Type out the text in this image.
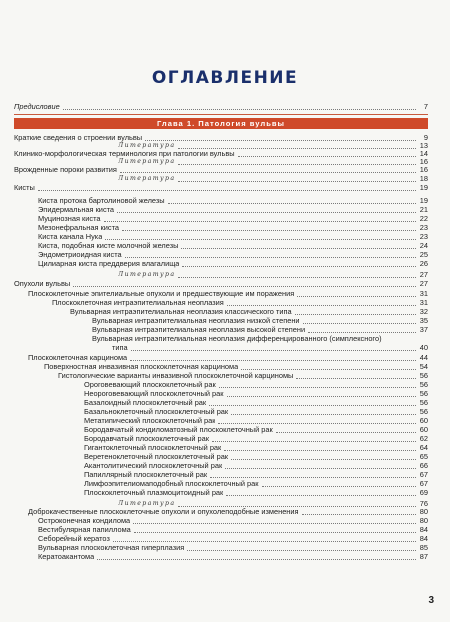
ОГЛАВЛЕНИЕ
Предисловие	7
Глава 1. Патология вульвы
Краткие сведения о строении вульвы	9
Литература	13
Клинико-морфологическая терминология при патологии вульвы	14
Литература	16
Врожденные пороки развития	16
Литература	18
Кисты	19
Киста протока бартолиновой железы	19
Эпидермальная киста	21
Муцинозная киста	22
Мезонефральная киста	23
Киста канала Нука	23
Киста, подобная кисте молочной железы	24
Эндометриоидная киста	25
Цилиарная киста преддверия влагалища	26
Литература	27
Опухоли вульвы	27
Плоскоклеточные эпителиальные опухоли и предшествующие им поражения	31
Плоскоклеточная интраэпителиальная неоплазия	31
Вульварная интраэпителиальная неоплазия классического типа	32
Вульварная интраэпителиальная неоплазия низкой степени	35
Вульварная интраэпителиальная неоплазия высокой степени	37
Вульварная интраэпителиальная неоплазия дифференцированного (симплексного)
типа	40
Плоскоклеточная карцинома	44
Поверхностная инвазивная плоскоклеточная карцинома	54
Гистологические варианты инвазивной плоскоклеточной карциномы	56
Ороговевающий плоскоклеточный рак	56
Неороговевающий плоскоклеточный рак	56
Базалоидный плоскоклеточный рак	56
Базальноклеточный плоскоклеточный рак	56
Метатипический плоскоклеточный рак	60
Бородавчатый кондиломатозный плоскоклеточный рак	60
Бородавчатый плоскоклеточный рак	62
Гигантоклеточный плоскоклеточный рак	64
Веретеноклеточный плоскоклеточный рак	65
Акантолитический плоскоклеточный рак	66
Папиллярный плоскоклеточный рак	67
Лимфоэпителиомаподобный плоскоклеточный рак	67
Плоскоклеточный плазмоцитоидный рак	69
Литература	76
Доброкачественные плоскоклеточные опухоли и опухолеподобные изменения	80
Остроконечная кондилома	80
Вестибулярная папиллома	84
Себорейный кератоз	84
Вульварная плоскоклеточная гиперплазия	85
Кератоакантома	87
3
